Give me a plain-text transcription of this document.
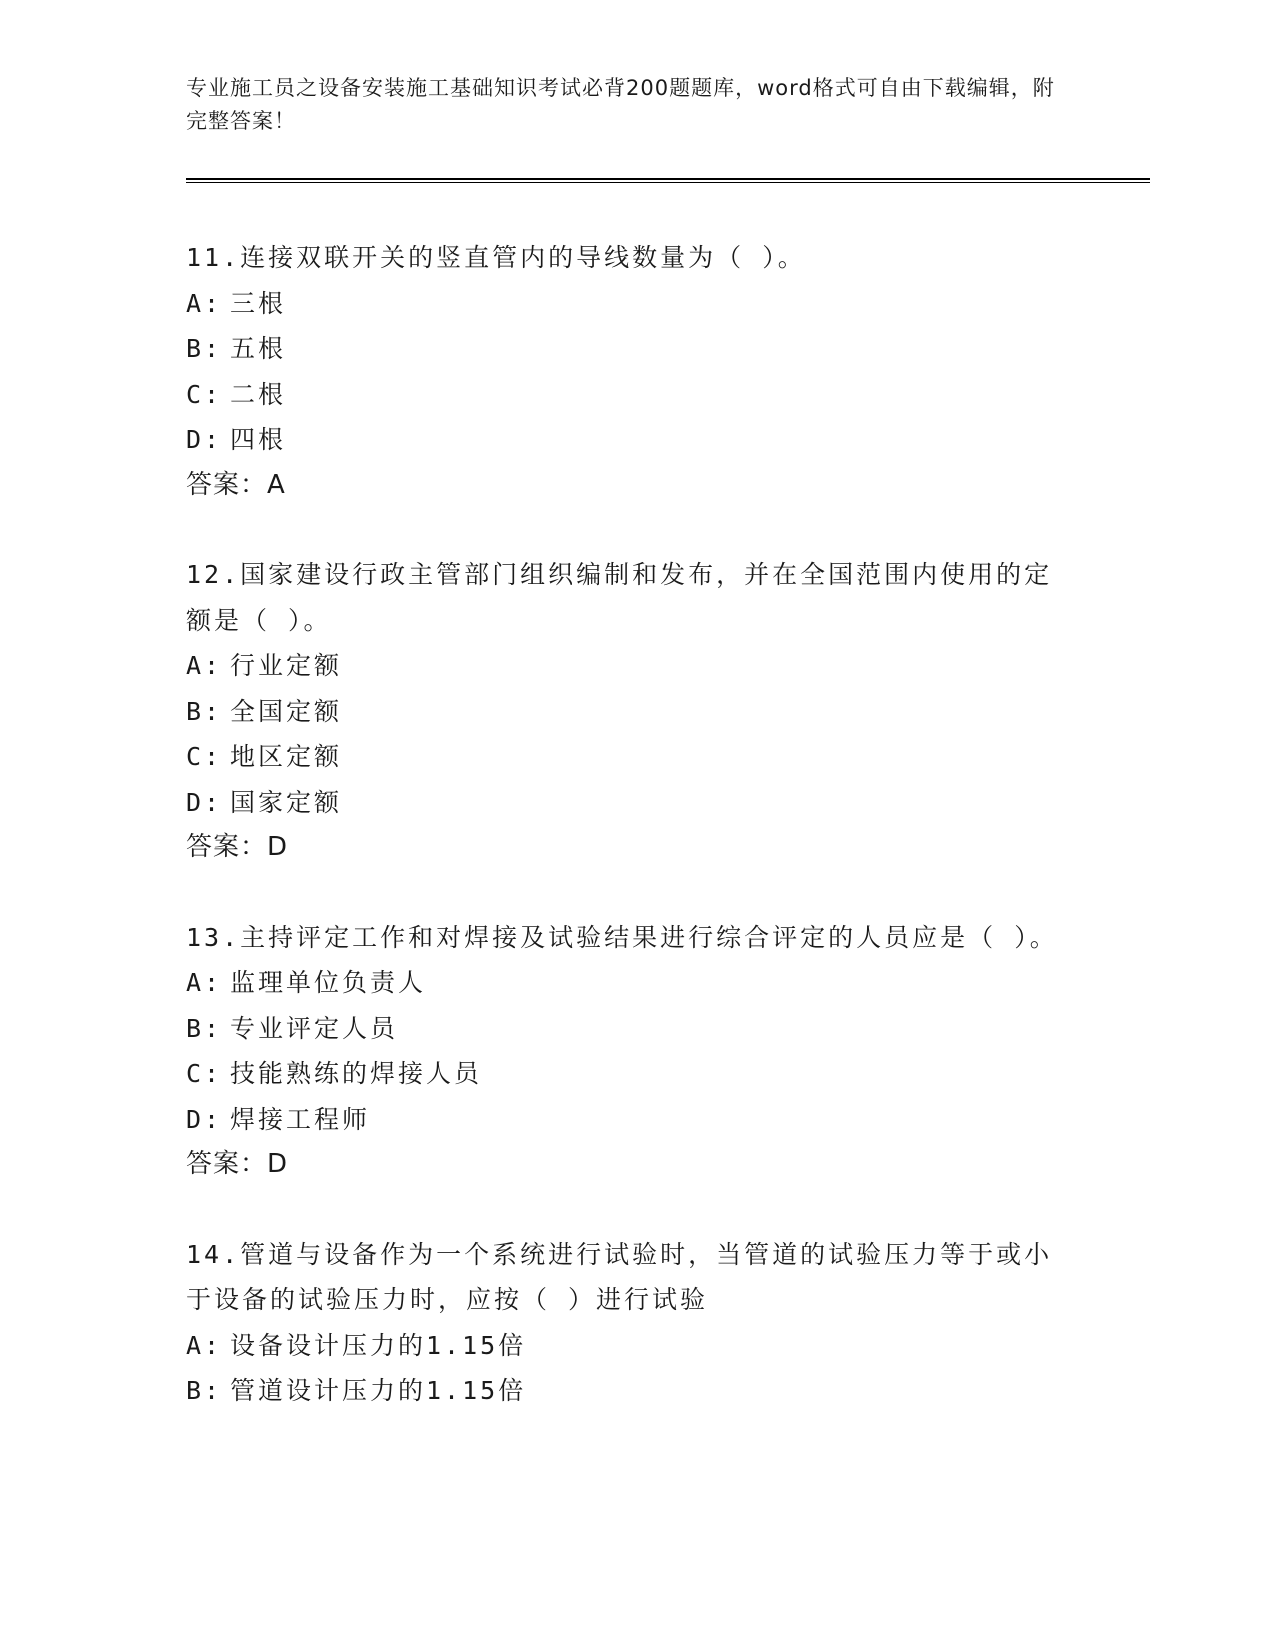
专业施工员之设备安装施工基础知识考试必背200题题库，word格式可自由下载编辑，附完整答案！

11.连接双联开关的竖直管内的导线数量为（ ）。

A: 三根

B: 五根

C: 二根

D: 四根

答案：A

12.国家建设行政主管部门组织编制和发布，并在全国范围内使用的定额是（ ）。

A: 行业定额

B: 全国定额

C: 地区定额

D: 国家定额

答案：D

13.主持评定工作和对焊接及试验结果进行综合评定的人员应是（ ）。

A: 监理单位负责人

B: 专业评定人员

C: 技能熟练的焊接人员

D: 焊接工程师

答案：D

14.管道与设备作为一个系统进行试验时，当管道的试验压力等于或小于设备的试验压力时，应按（ ）进行试验

A: 设备设计压力的1.15倍

B: 管道设计压力的1.15倍
